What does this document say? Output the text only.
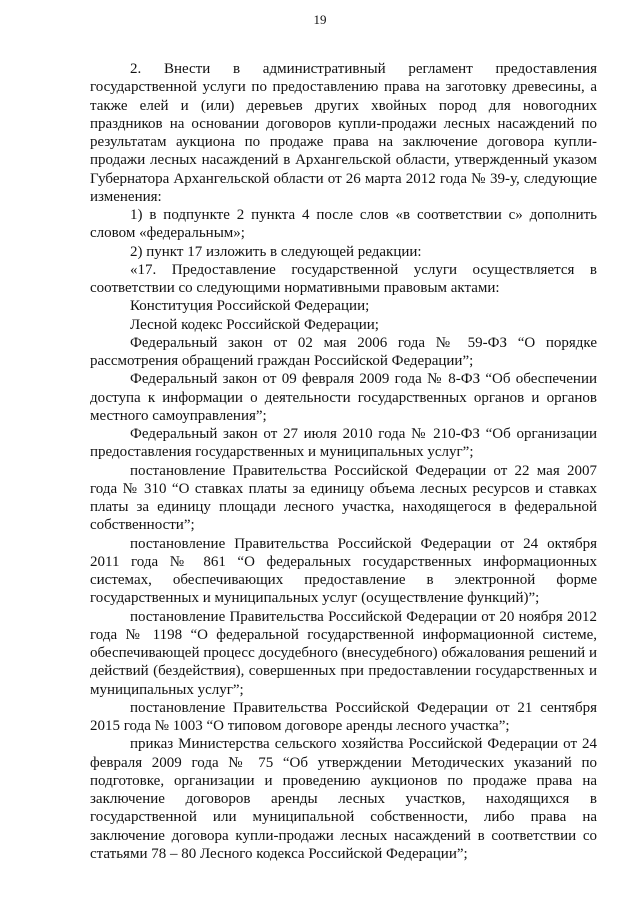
19

2. Внести в административный регламент предоставления государственной услуги по предоставлению права на заготовку древесины, а также елей и (или) деревьев других хвойных пород для новогодних праздников на основании договоров купли-продажи лесных насаждений по результатам аукциона по продаже права на заключение договора купли-продажи лесных насаждений в Архангельской области, утвержденный указом Губернатора Архангельской области от 26 марта 2012 года № 39-у, следующие изменения:

1) в подпункте 2 пункта 4 после слов «в соответствии с» дополнить словом «федеральным»;

2) пункт 17 изложить в следующей редакции:

«17. Предоставление государственной услуги осуществляется в соответствии со следующими нормативными правовым актами:

Конституция Российской Федерации;

Лесной кодекс Российской Федерации;

Федеральный закон от 02 мая 2006 года № 59-ФЗ “О порядке рассмотрения обращений граждан Российской Федерации”;

Федеральный закон от 09 февраля 2009 года № 8-ФЗ “Об обеспечении доступа к информации о деятельности государственных органов и органов местного самоуправления”;

Федеральный закон от 27 июля 2010 года № 210-ФЗ “Об организации предоставления государственных и муниципальных услуг”;

постановление Правительства Российской Федерации от 22 мая 2007 года № 310 “О ставках платы за единицу объема лесных ресурсов и ставках платы за единицу площади лесного участка, находящегося в федеральной собственности”;

постановление Правительства Российской Федерации от 24 октября 2011 года № 861 “О федеральных государственных информационных системах, обеспечивающих предоставление в электронной форме государственных и муниципальных услуг (осуществление функций)”;

постановление Правительства Российской Федерации от 20 ноября 2012 года № 1198 “О федеральной государственной информационной системе, обеспечивающей процесс досудебного (внесудебного) обжалования решений и действий (бездействия), совершенных при предоставлении государственных и муниципальных услуг”;

постановление Правительства Российской Федерации от 21 сентября 2015 года № 1003 “О типовом договоре аренды лесного участка”;

приказ Министерства сельского хозяйства Российской Федерации от 24 февраля 2009 года № 75 “Об утверждении Методических указаний по подготовке, организации и проведению аукционов по продаже права на заключение договоров аренды лесных участков, находящихся в государственной или муниципальной собственности, либо права на заключение договора купли-продажи лесных насаждений в соответствии со статьями 78 – 80 Лесного кодекса Российской Федерации”;
